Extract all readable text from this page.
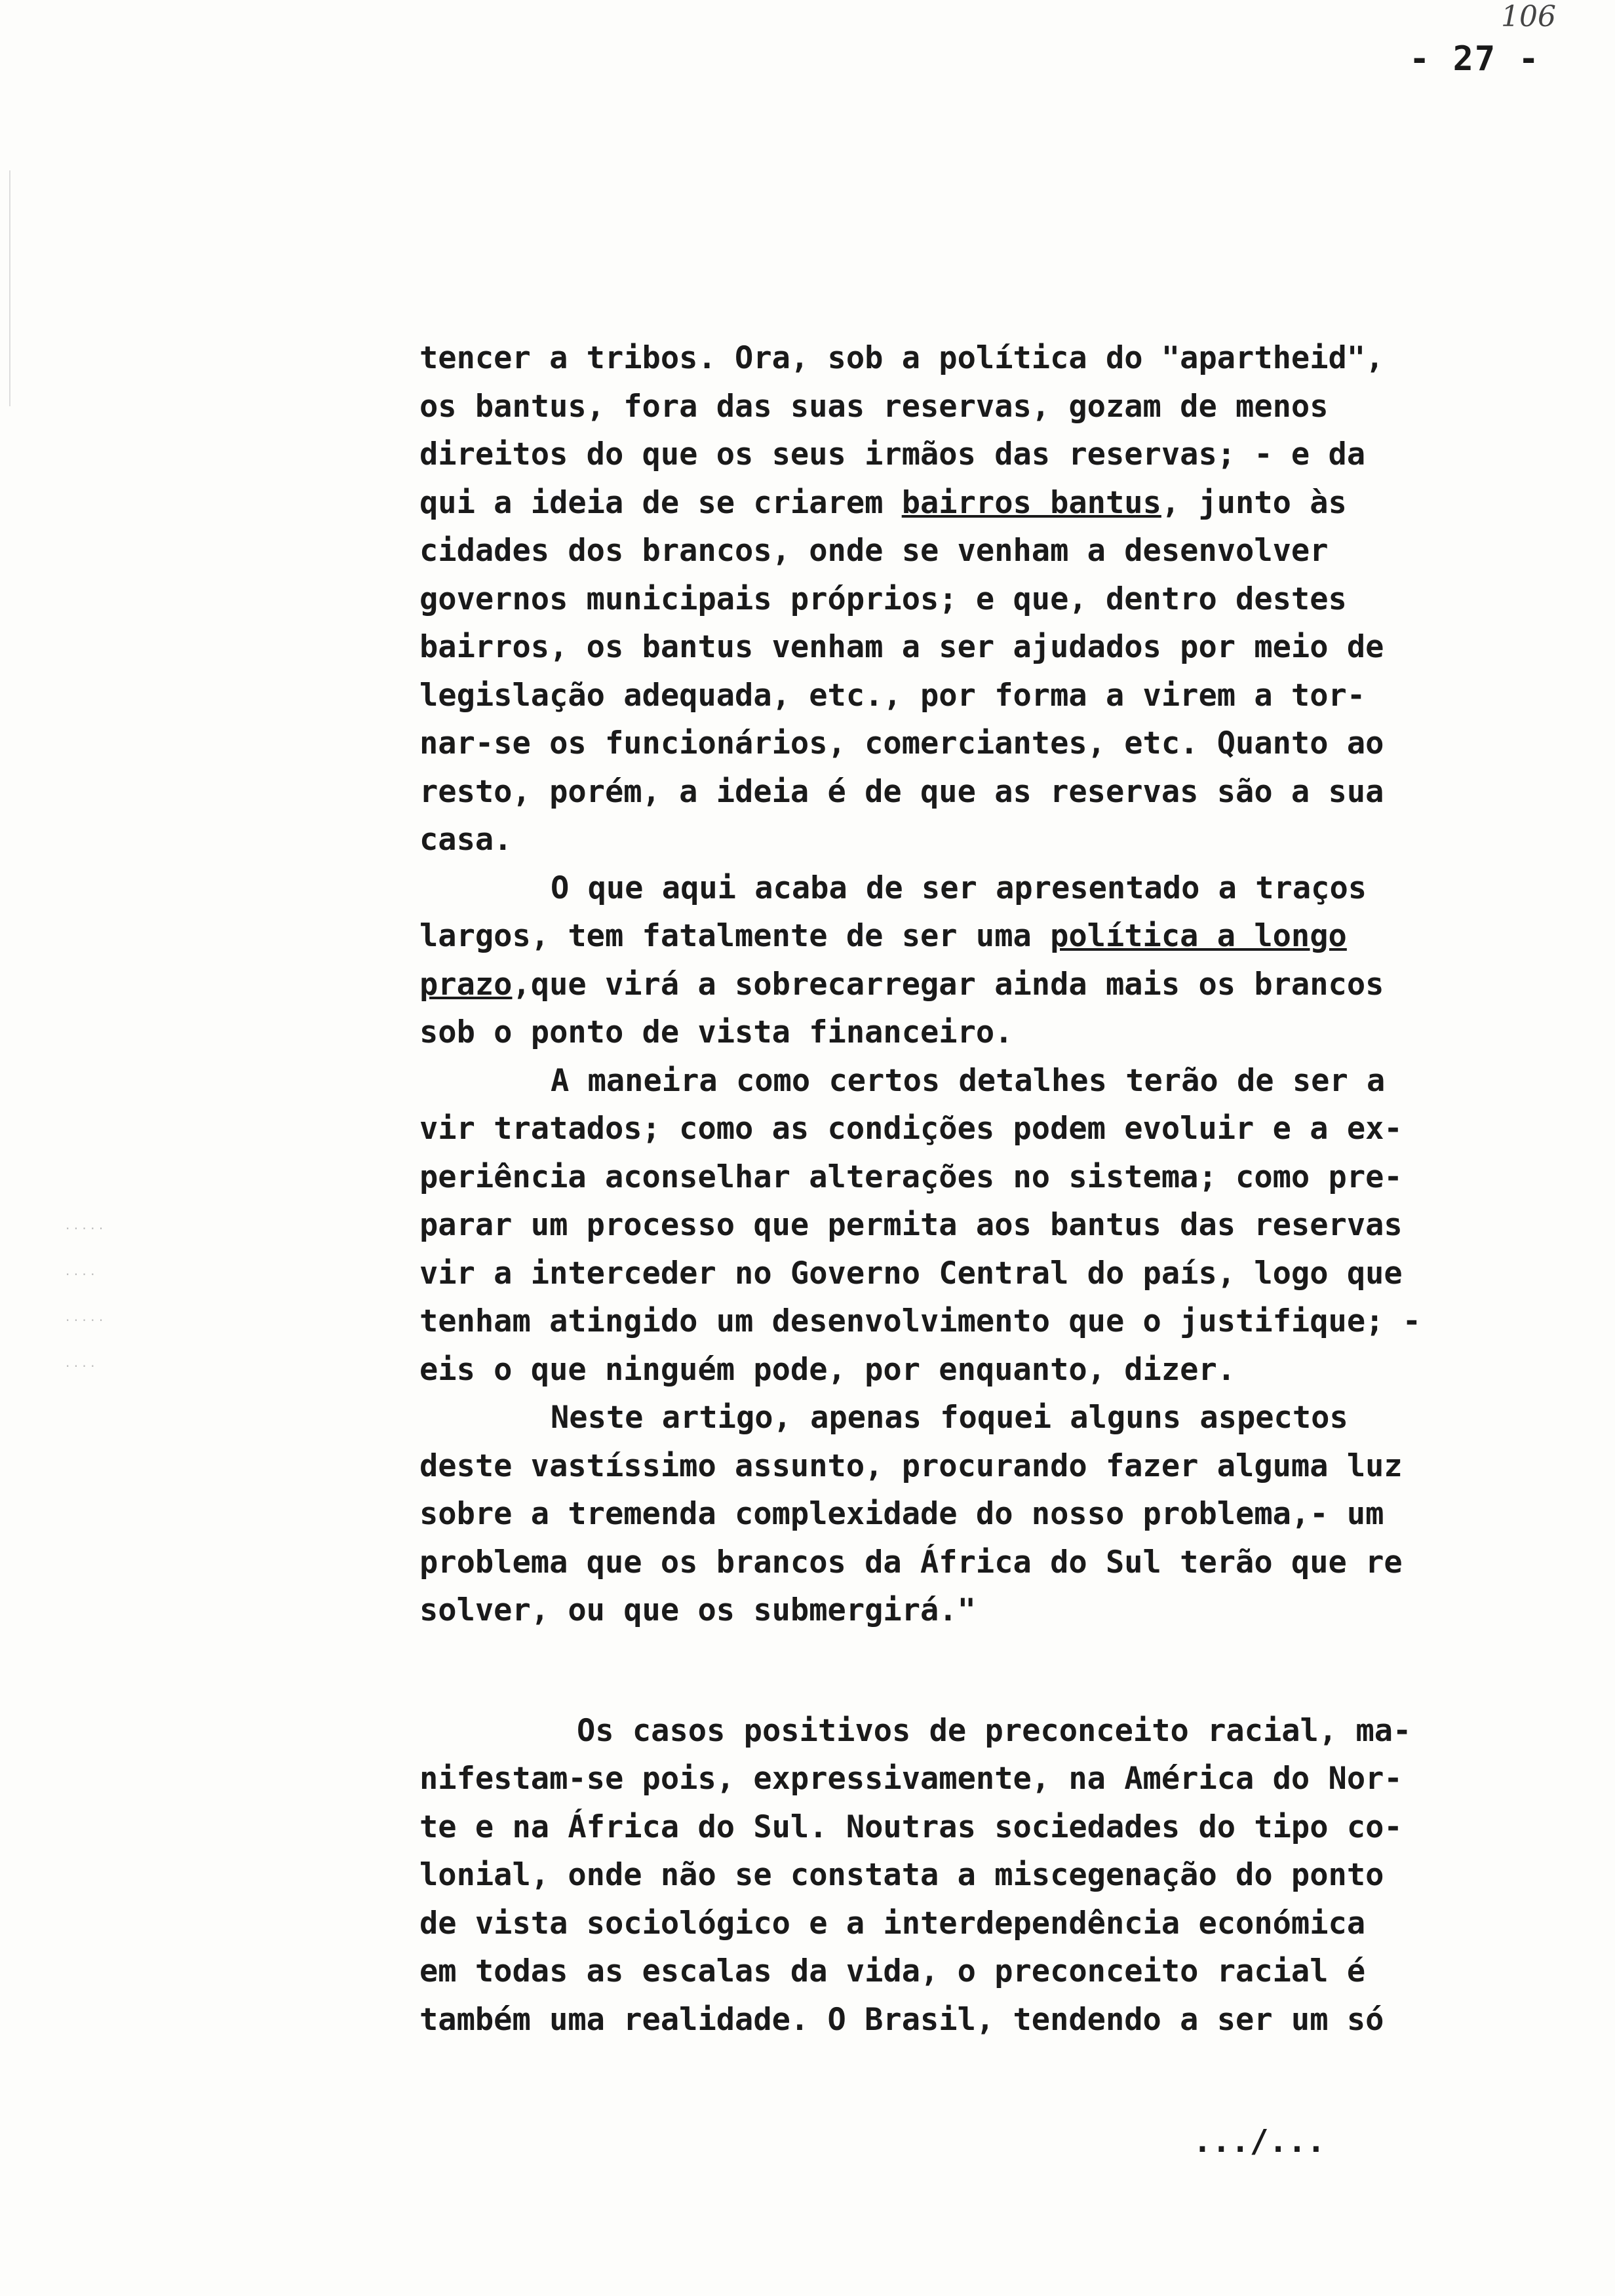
106
- 27 -
· · · · ·
· · · ·
· · · · ·
· · · ·
tencer a tribos. Ora, sob a política do "apartheid",
os bantus, fora das suas reservas, gozam de menos
direitos do que os seus irmãos das reservas; - e da
qui a ideia de se criarem bairros bantus, junto às
cidades dos brancos, onde se venham a desenvolver
governos municipais próprios; e que, dentro destes
bairros, os bantus venham a ser ajudados por meio de
legislação adequada, etc., por forma a virem a tor-
nar-se os funcionários, comerciantes, etc. Quanto ao
resto, porém, a ideia é de que as reservas são a sua
casa.
O que aqui acaba de ser apresentado a traços
largos, tem fatalmente de ser uma política a longo
prazo,que virá a sobrecarregar ainda mais os brancos
sob o ponto de vista financeiro.
A maneira como certos detalhes terão de ser a
vir tratados; como as condições podem evoluir e a ex-
periência aconselhar alterações no sistema; como pre-
parar um processo que permita aos bantus das reservas
vir a interceder no Governo Central do país, logo que
tenham atingido um desenvolvimento que o justifique; -
eis o que ninguém pode, por enquanto, dizer.
Neste artigo, apenas foquei alguns aspectos
deste vastíssimo assunto, procurando fazer alguma luz
sobre a tremenda complexidade do nosso problema,- um
problema que os brancos da África do Sul terão que re
solver, ou que os submergirá."
Os casos positivos de preconceito racial, ma-
nifestam-se pois, expressivamente, na América do Nor-
te e na África do Sul. Noutras sociedades do tipo co-
lonial, onde não se constata a miscegenação do ponto
de vista sociológico e a interdependência económica
em todas as escalas da vida, o preconceito racial é
também uma realidade. O Brasil, tendendo a ser um só
.../...
